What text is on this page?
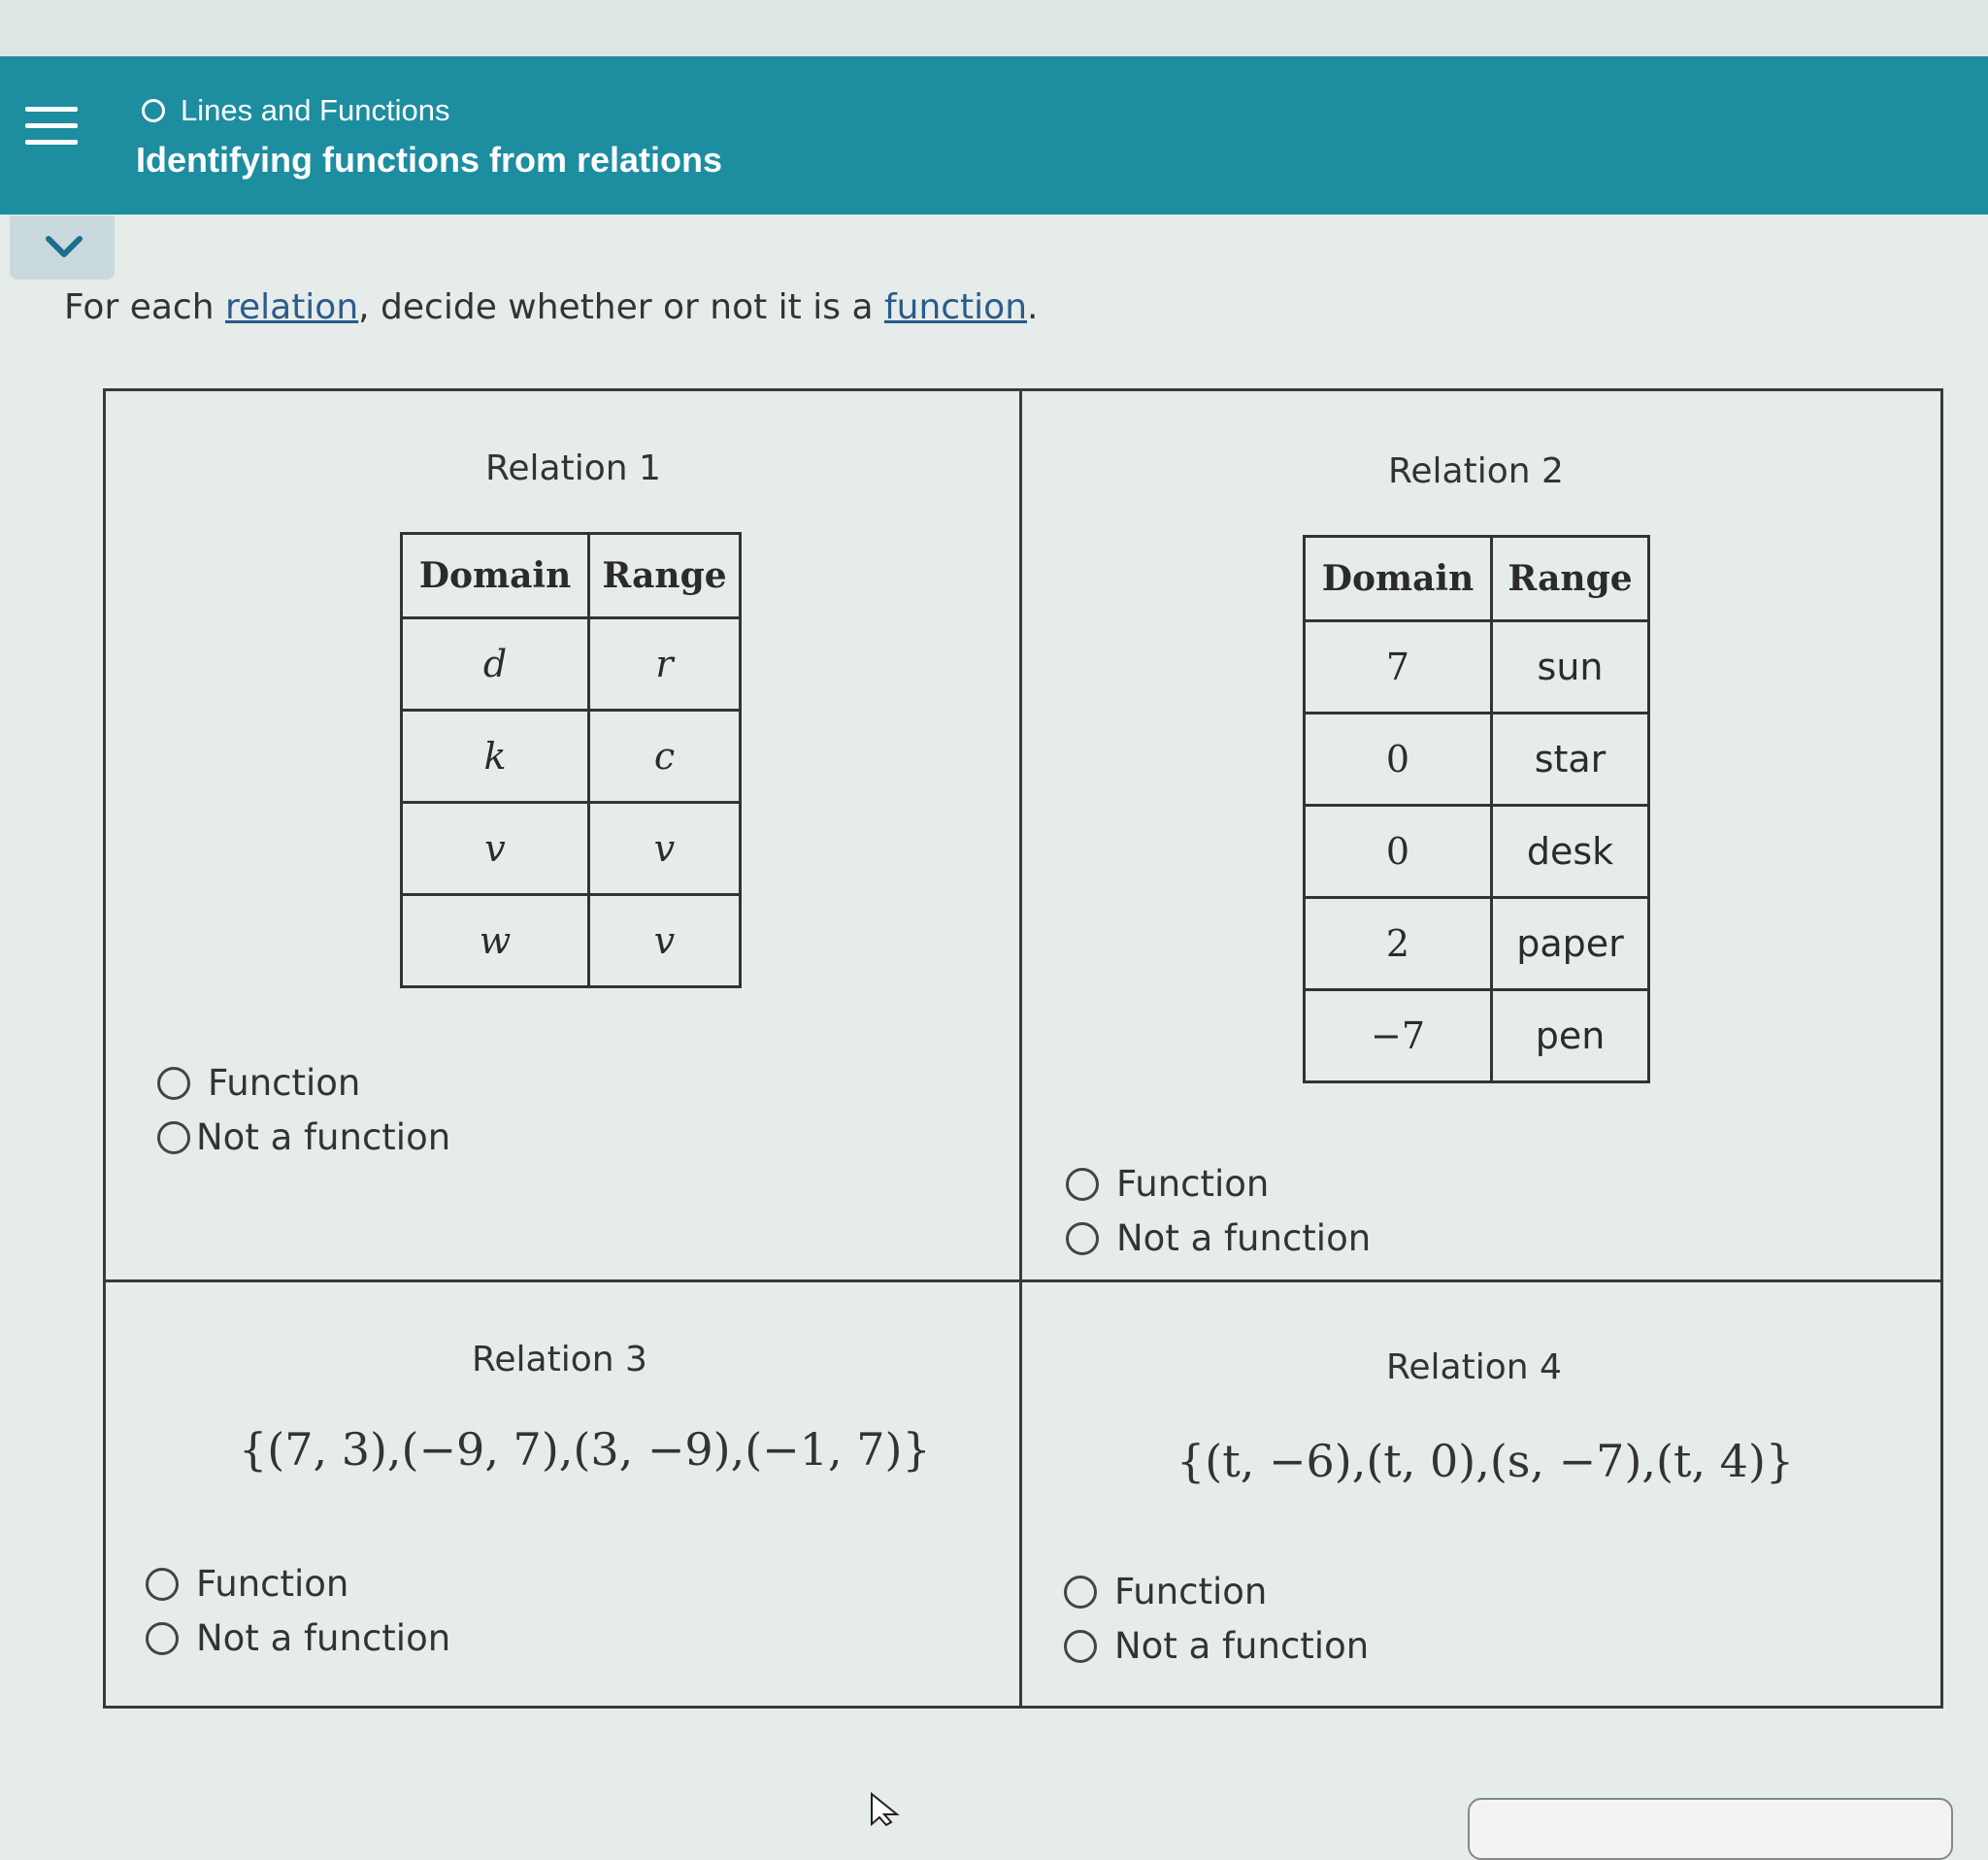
Lines and Functions
Identifying functions from relations
For each relation, decide whether or not it is a function.
Relation 1
Domain	Range
d	r
k	c
v	v
w	v
Function
Not a function
Relation 2
Domain	Range
7	sun
0	star
0	desk
2	paper
−7	pen
Function
Not a function
Relation 3
{(7, 3),(−9, 7),(3, −9),(−1, 7)}
Function
Not a function
Relation 4
{(t, −6),(t, 0),(s, −7),(t, 4)}
Function
Not a function
